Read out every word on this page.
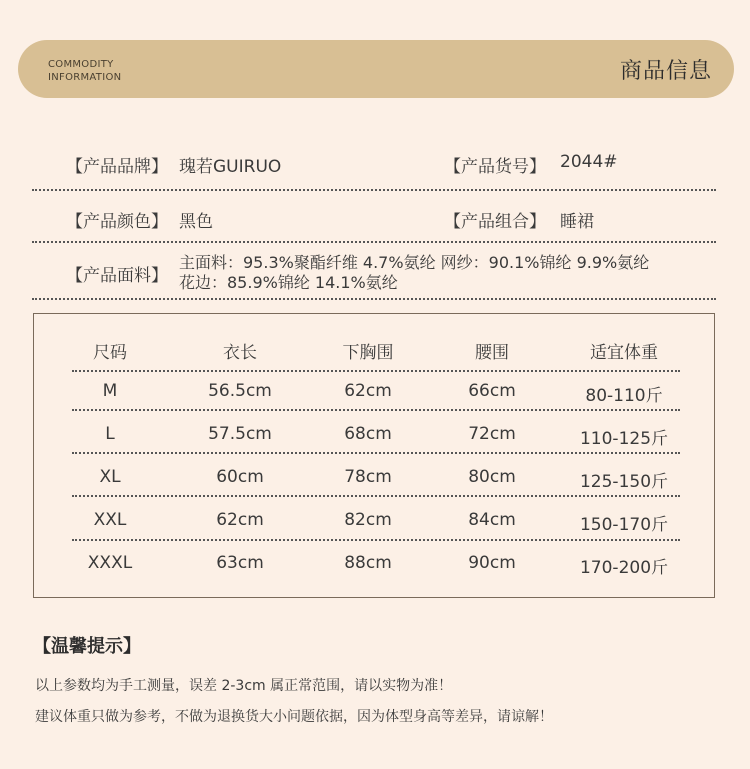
COMMODITY
INFORMATION	商品信息
【产品品牌】 瑰若GUIRUO	【产品货号】 2044#
【产品颜色】 黑色	【产品组合】 睡裙
【产品面料】
主面料：95.3%聚酯纤维 4.7%氨纶 网纱：90.1%锦纶 9.9%氨纶
花边：85.9%锦纶 14.1%氨纶
尺码	衣长	下胸围	腰围	适宜体重
M	56.5cm	62cm	66cm	80-110斤
L	57.5cm	68cm	72cm	110-125斤
XL	60cm	78cm	80cm	125-150斤
XXL	62cm	82cm	84cm	150-170斤
XXXL	63cm	88cm	90cm	170-200斤
【温馨提示】
以上参数均为手工测量，误差 2-3cm 属正常范围，请以实物为准！
建议体重只做为参考，不做为退换货大小问题依据，因为体型身高等差异，请谅解！
